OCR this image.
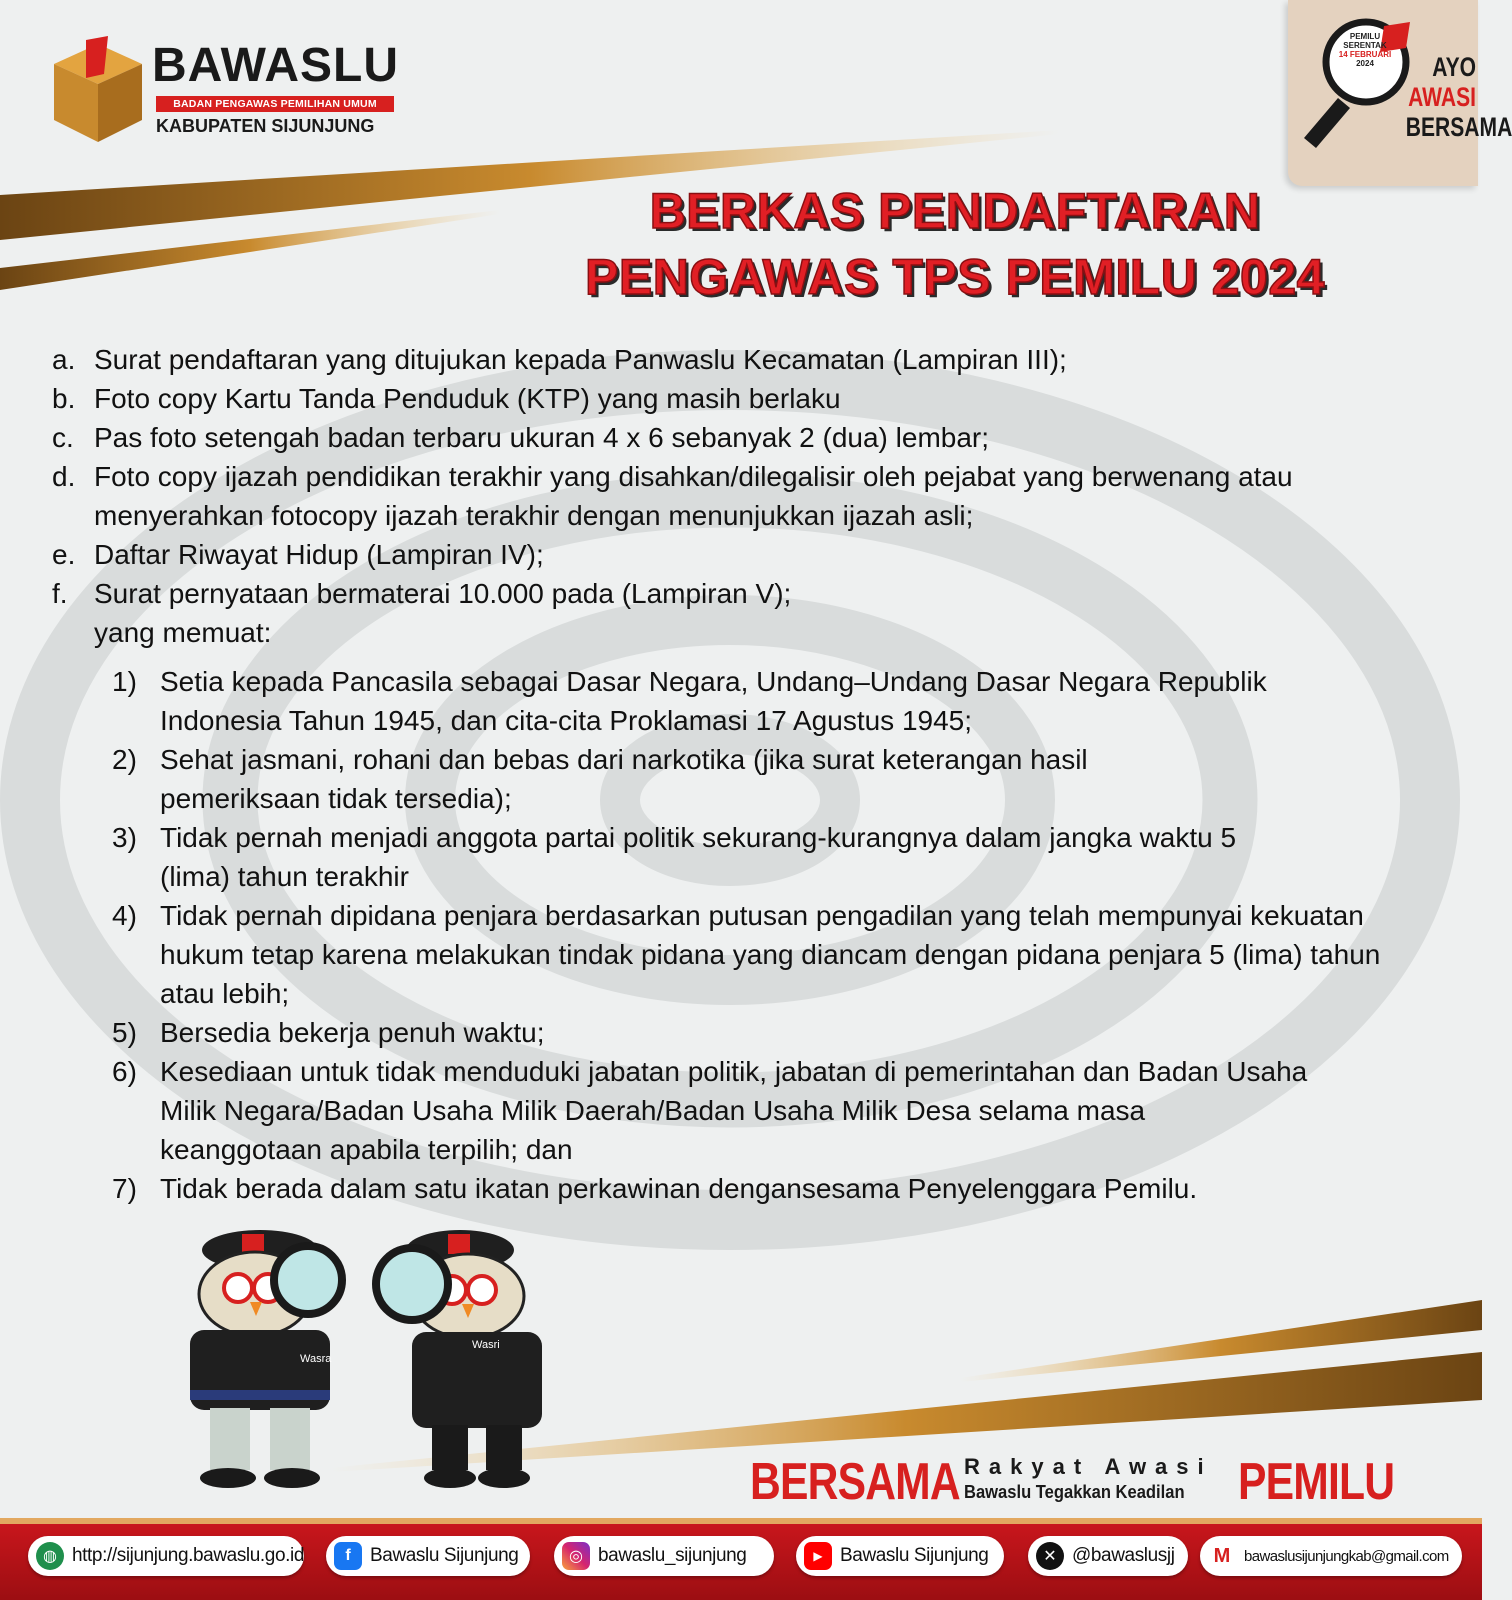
BAWASLU
BADAN PENGAWAS PEMILIHAN UMUM
KABUPATEN SIJUNJUNG
PEMILU
SERENTAK
14 FEBRUARI
2024	AYO
AWASI
BERSAMA
BERKAS PENDAFTARAN
PENGAWAS TPS PEMILU 2024
a. Surat pendaftaran yang ditujukan kepada Panwaslu Kecamatan (Lampiran III);
b. Foto copy Kartu Tanda Penduduk (KTP) yang masih berlaku
c. Pas foto setengah badan terbaru ukuran 4 x 6 sebanyak 2 (dua) lembar;
d. Foto copy ijazah pendidikan terakhir yang disahkan/dilegalisir oleh pejabat yang berwenang atau menyerahkan fotocopy ijazah terakhir dengan menunjukkan ijazah asli;
e. Daftar Riwayat Hidup (Lampiran IV);
f. Surat pernyataan bermaterai 10.000 pada (Lampiran V);
yang memuat:
1) Setia kepada Pancasila sebagai Dasar Negara, Undang–Undang Dasar Negara Republik Indonesia Tahun 1945, dan cita-cita Proklamasi 17 Agustus 1945;
2) Sehat jasmani, rohani dan bebas dari narkotika (jika surat keterangan hasil pemeriksaan tidak tersedia);
3) Tidak pernah menjadi anggota partai politik sekurang-kurangnya dalam jangka waktu 5 (lima) tahun terakhir
4) Tidak pernah dipidana penjara berdasarkan putusan pengadilan yang telah mempunyai kekuatan hukum tetap karena melakukan tindak pidana yang diancam dengan pidana penjara 5 (lima) tahun atau lebih;
5) Bersedia bekerja penuh waktu;
6) Kesediaan untuk tidak menduduki jabatan politik, jabatan di pemerintahan dan Badan Usaha Milik Negara/Badan Usaha Milik Daerah/Badan Usaha Milik Desa selama masa keanggotaan apabila terpilih; dan
7) Tidak berada dalam satu ikatan perkawinan dengansesama Penyelenggara Pemilu.
Wasra
Wasri
BERSAMA Rakyat Awasi
Bawaslu Tegakkan Keadilan PEMILU
◍ http://sijunjung.bawaslu.go.id	f	Bawaslu Sijunjung	◎ bawaslu_sijunjung	▶ Bawaslu Sijunjung	✕ @bawaslusjj M bawaslusijunjungkab@gmail.com
